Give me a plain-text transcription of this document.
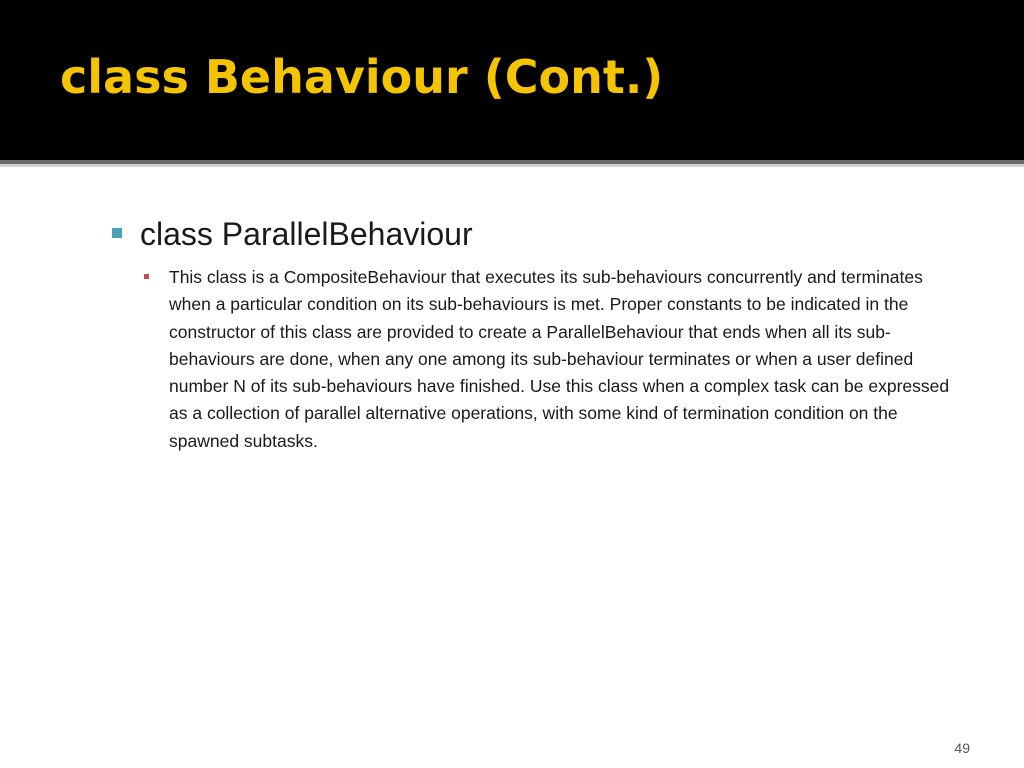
class Behaviour (Cont.)
class ParallelBehaviour
This class is a CompositeBehaviour that executes its sub-behaviours concurrently and terminates when a particular condition on its sub-behaviours is met. Proper constants to be indicated in the constructor of this class are provided to create a ParallelBehaviour that ends when all its sub-behaviours are done, when any one among its sub-behaviour terminates or when a user defined number N of its sub-behaviours have finished. Use this class when a complex task can be expressed as a collection of parallel alternative operations, with some kind of termination condition on the spawned subtasks.
49
